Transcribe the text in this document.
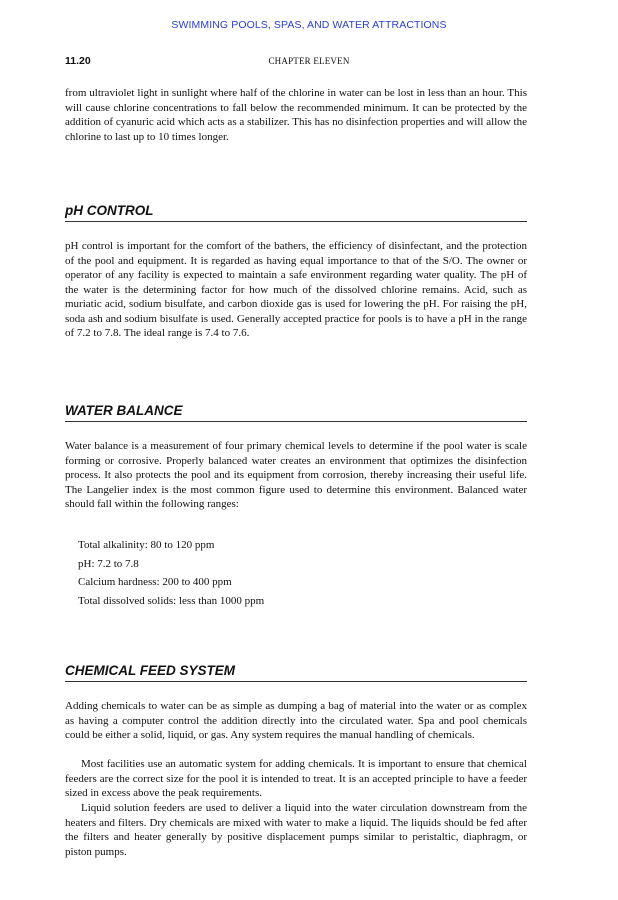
SWIMMING POOLS, SPAS, AND WATER ATTRACTIONS
11.20	CHAPTER ELEVEN

from ultraviolet light in sunlight where half of the chlorine in water can be lost in less than an hour. This will cause chlorine concentrations to fall below the recommended minimum. It can be protected by the addition of cyanuric acid which acts as a stabilizer. This has no disinfection properties and will allow the chlorine to last up to 10 times longer.

pH CONTROL

pH control is important for the comfort of the bathers, the efficiency of disinfectant, and the protection of the pool and equipment. It is regarded as having equal importance to that of the S/O. The owner or operator of any facility is expected to maintain a safe environment regarding water quality. The pH of the water is the determining factor for how much of the dissolved chlorine remains. Acid, such as muriatic acid, sodium bisulfate, and carbon dioxide gas is used for lowering the pH. For raising the pH, soda ash and sodium bisulfate is used. Generally accepted practice for pools is to have a pH in the range of 7.2 to 7.8. The ideal range is 7.4 to 7.6.

WATER BALANCE

Water balance is a measurement of four primary chemical levels to determine if the pool water is scale forming or corrosive. Properly balanced water creates an environment that optimizes the disinfection process. It also protects the pool and its equipment from corrosion, thereby increasing their useful life. The Langelier index is the most common figure used to determine this environment. Balanced water should fall within the following ranges:

Total alkalinity: 80 to 120 ppm
pH: 7.2 to 7.8
Calcium hardness: 200 to 400 ppm
Total dissolved solids: less than 1000 ppm
CHEMICAL FEED SYSTEM

Adding chemicals to water can be as simple as dumping a bag of material into the water or as complex as having a computer control the addition directly into the circulated water. Spa and pool chemicals could be either a solid, liquid, or gas. Any system requires the manual handling of chemicals.

Most facilities use an automatic system for adding chemicals. It is important to ensure that chemical feeders are the correct size for the pool it is intended to treat. It is an accepted principle to have a feeder sized in excess above the peak requirements.

Liquid solution feeders are used to deliver a liquid into the water circulation downstream from the heaters and filters. Dry chemicals are mixed with water to make a liquid. The liquids should be fed after the filters and heater generally by positive displacement pumps similar to peristaltic, diaphragm, or piston pumps.
